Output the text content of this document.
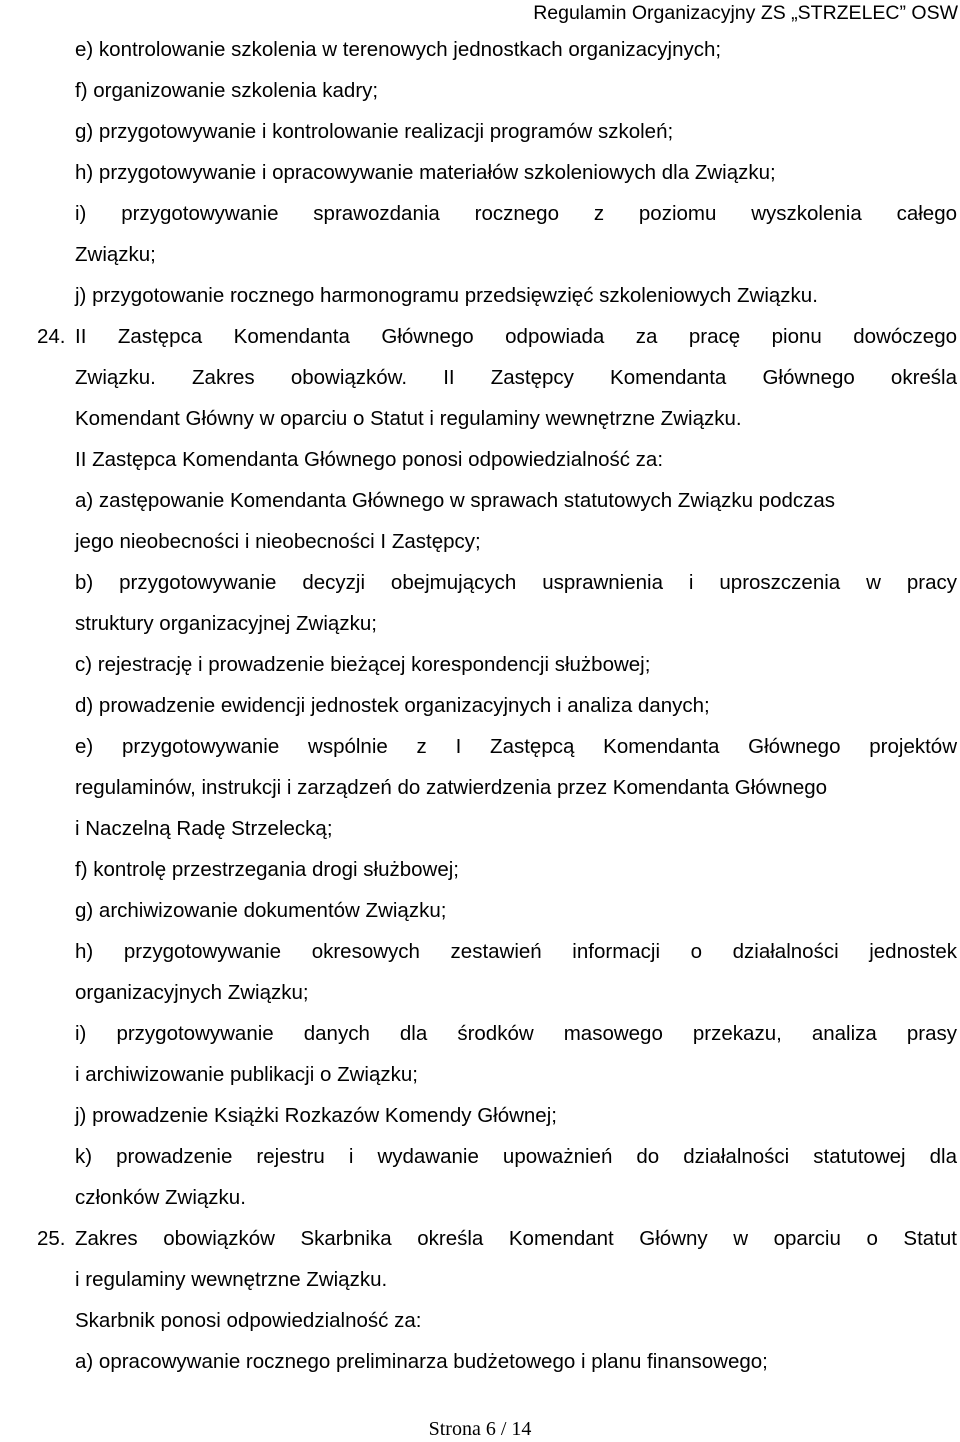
Regulamin Organizacyjny ZS „STRZELEC” OSW
e) kontrolowanie szkolenia w terenowych jednostkach organizacyjnych;
f) organizowanie szkolenia kadry;
g) przygotowywanie i kontrolowanie realizacji programów szkoleń;
h) przygotowywanie i opracowywanie materiałów szkoleniowych dla Związku;
i) przygotowywanie sprawozdania rocznego z poziomu wyszkolenia całego
Związku;
j) przygotowanie rocznego harmonogramu przedsięwzięć szkoleniowych Związku.
24. II Zastępca Komendanta Głównego odpowiada za pracę pionu dowóczego
Związku. Zakres obowiązków. II Zastępcy Komendanta Głównego określa
Komendant Główny w oparciu o Statut i regulaminy wewnętrzne Związku.
II Zastępca Komendanta Głównego ponosi odpowiedzialność za:
a) zastępowanie Komendanta Głównego w sprawach statutowych Związku podczas
jego nieobecności i nieobecności I Zastępcy;
b) przygotowywanie decyzji obejmujących usprawnienia i uproszczenia w pracy
struktury organizacyjnej Związku;
c) rejestrację i prowadzenie bieżącej korespondencji służbowej;
d) prowadzenie ewidencji jednostek organizacyjnych i analiza danych;
e) przygotowywanie wspólnie z I Zastępcą Komendanta Głównego projektów
regulaminów, instrukcji i zarządzeń do zatwierdzenia przez Komendanta Głównego
i Naczelną Radę Strzelecką;
f) kontrolę przestrzegania drogi służbowej;
g) archiwizowanie dokumentów Związku;
h) przygotowywanie okresowych zestawień informacji o działalności jednostek
organizacyjnych Związku;
i) przygotowywanie danych dla środków masowego przekazu, analiza prasy
i archiwizowanie publikacji o Związku;
j) prowadzenie Książki Rozkazów Komendy Głównej;
k) prowadzenie rejestru i wydawanie upoważnień do działalności statutowej dla
członków Związku.
25. Zakres obowiązków Skarbnika określa Komendant Główny w oparciu o Statut
i regulaminy wewnętrzne Związku.
Skarbnik ponosi odpowiedzialność za:
a) opracowywanie rocznego preliminarza budżetowego i planu finansowego;
Strona 6 / 14
